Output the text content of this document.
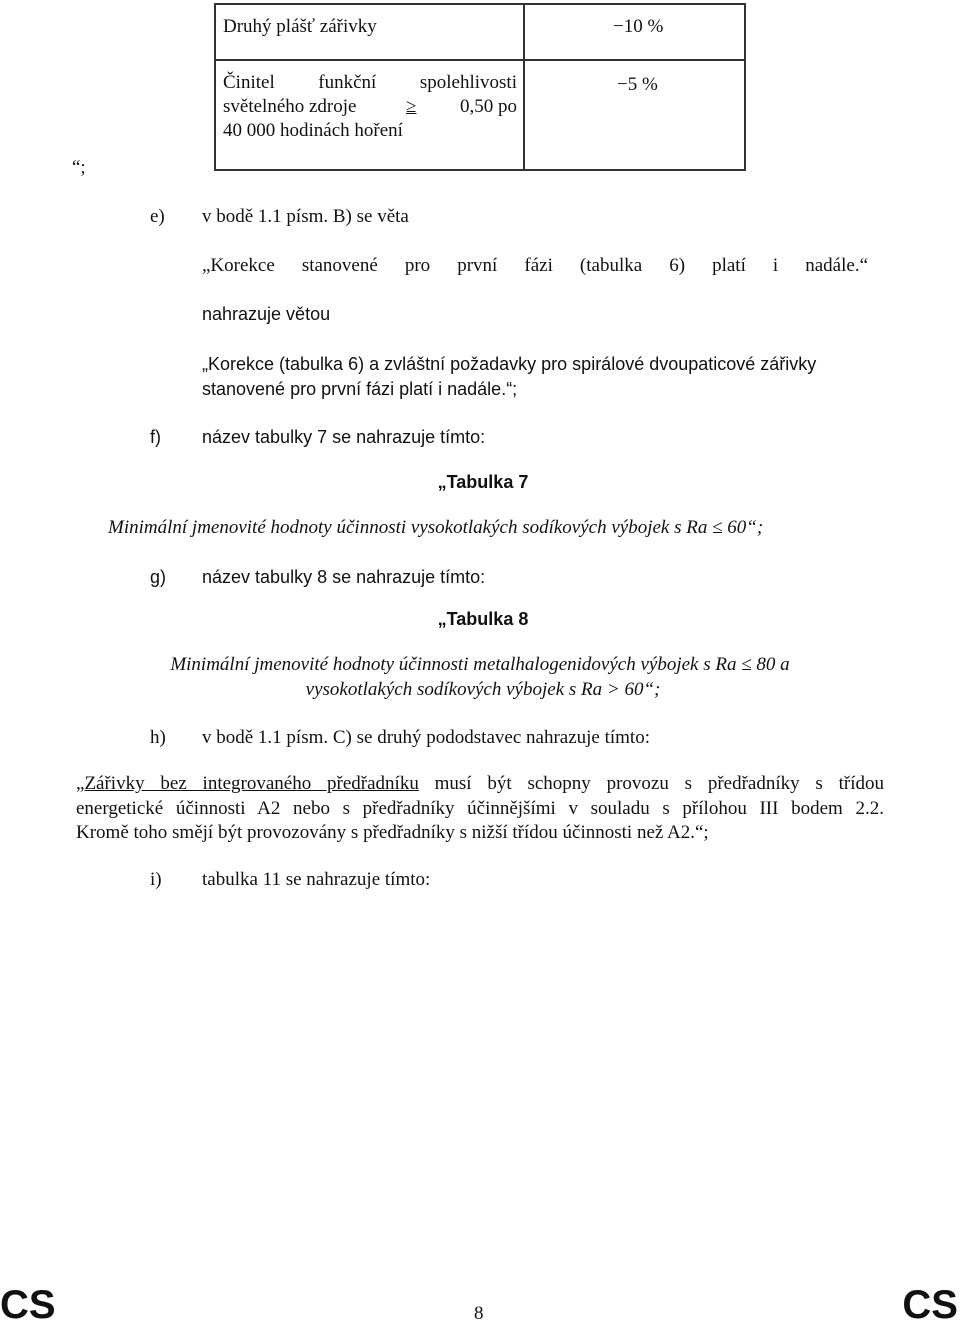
Druhý plášť zářivky	−10 %

Činitel funkční spolehlivosti
světelného zdroje ≥ 0,50 po
40 000 hodinách hoření	−5 %
“;
e) v bodě 1.1 písm. B) se věta
„Korekce stanovené pro první fázi (tabulka 6) platí i nadále.“
nahrazuje větou
„Korekce (tabulka 6) a zvláštní požadavky pro spirálové dvoupaticové zářivky
stanovené pro první fázi platí i nadále.“;
f) název tabulky 7 se nahrazuje tímto:
„Tabulka 7
Minimální jmenovité hodnoty účinnosti vysokotlakých sodíkových výbojek s Ra ≤ 60“;
g) název tabulky 8 se nahrazuje tímto:
„Tabulka 8
Minimální jmenovité hodnoty účinnosti metalhalogenidových výbojek s Ra ≤ 80 a
vysokotlakých sodíkových výbojek s Ra > 60“;
h) v bodě 1.1 písm. C) se druhý pododstavec nahrazuje tímto:
„Zářivky bez integrovaného předřadníku musí být schopny provozu s předřadníky s třídou
energetické účinnosti A2 nebo s předřadníky účinnějšími v souladu s přílohou III bodem 2.2.
Kromě toho smějí být provozovány s předřadníky s nižší třídou účinnosti než A2.“;
i) tabulka 11 se nahrazuje tímto:
CS	8	CS
